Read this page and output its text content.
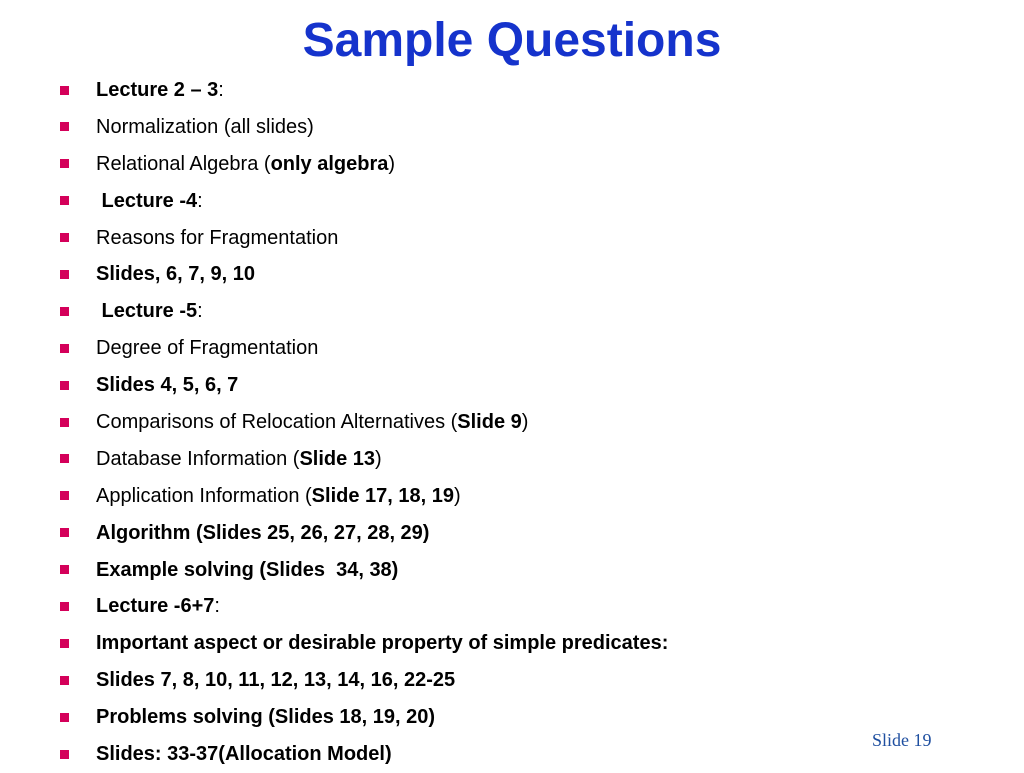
Sample Questions
Lecture 2 – 3:
Normalization (all slides)
Relational Algebra (only algebra)
Lecture -4:
Reasons for Fragmentation
Slides, 6, 7, 9, 10
Lecture -5:
Degree of Fragmentation
Slides 4, 5, 6, 7
Comparisons of Relocation Alternatives (Slide 9)
Database Information (Slide 13)
Application Information (Slide 17, 18, 19)
Algorithm (Slides 25, 26, 27, 28, 29)
Example solving (Slides  34, 38)
Lecture -6+7:
Important aspect or desirable property of simple predicates:
Slides 7, 8, 10, 11, 12, 13, 14, 16, 22-25
Problems solving (Slides 18, 19, 20)
Slides: 33-37(Allocation Model)
Slide 19
